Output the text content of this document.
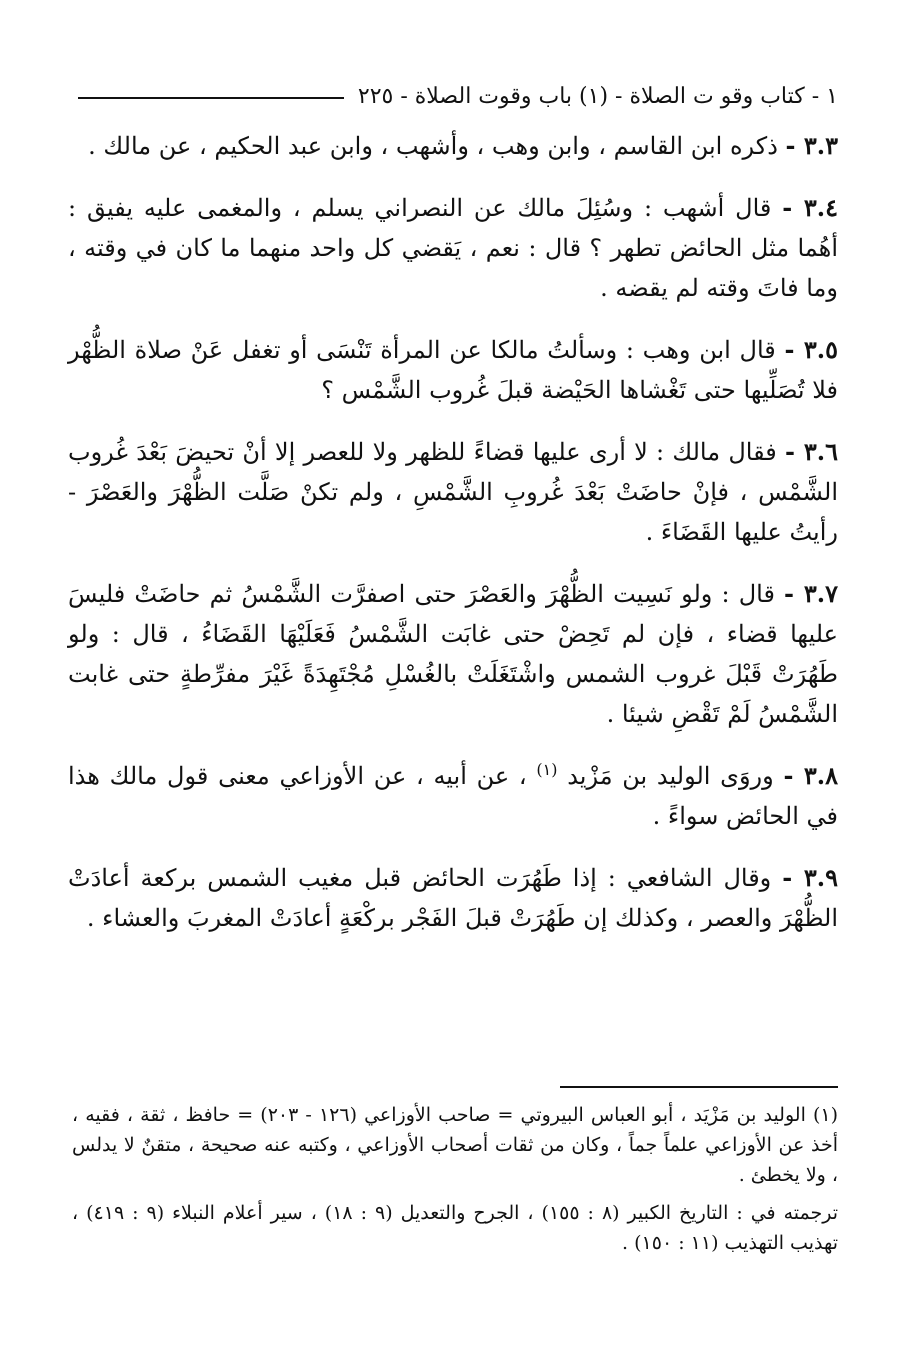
١ - كتاب وقو ت الصلاة - (١) باب وقوت الصلاة - ٢٢٥

٣.٣ - ذكره ابن القاسم ، وابن وهب ، وأشهب ، وابن عبد الحكيم ، عن مالك .

٣.٤ - قال أشهب : وسُئِلَ مالك عن النصراني يسلم ، والمغمى عليه يفيق : أهُما مثل الحائض تطهر ؟ قال : نعم ، يَقضي كل واحد منهما ما كان في وقته ، وما فاتَ وقته لم يقضه .

٣.٥ - قال ابن وهب : وسألتُ مالكا عن المرأة تَنْسَى أو تغفل عَنْ صلاة الظُّهْر فلا تُصَلِّيها حتى تَغْشاها الحَيْضة قبلَ غُروب الشَّمْس ؟

٣.٦ - فقال مالك : لا أرى عليها قضاءً للظهر ولا للعصر إلا أنْ تحيضَ بَعْدَ غُروب الشَّمْس ، فإنْ حاضَتْ بَعْدَ غُروبِ الشَّمْسِ ، ولم تكنْ صَلَّت الظُّهْرَ والعَصْرَ - رأيتُ عليها القَضَاءَ .

٣.٧ - قال : ولو نَسِيت الظُّهْرَ والعَصْرَ حتى اصفرَّت الشَّمْسُ ثم حاضَتْ فليسَ عليها قضاء ، فإن لم تَحِضْ حتى غابَت الشَّمْسُ فَعَلَيْهَا القَضَاءُ ، قال : ولو طَهُرَتْ قَبْلَ غروب الشمس واشْتَغَلَتْ بالغُسْلِ مُجْتَهِدَةً غَيْرَ مفرِّطةٍ حتى غابت الشَّمْسُ لَمْ تَقْضِ شيئا .

٣.٨ - وروَى الوليد بن مَزْيد $^{(١)}$ ، عن أبيه ، عن الأوزاعي معنى قول مالك هذا في الحائض سواءً .

٣.٩ - وقال الشافعي : إذا طَهُرَت الحائض قبل مغيب الشمس بركعة أعادَتْ الظُّهْرَ والعصر ، وكذلك إن طَهُرَتْ قبلَ الفَجْر بركْعَةٍ أعادَتْ المغربَ والعشاء .

(١) الوليد بن مَزْيَد ، أبو العباس البيروتي = صاحب الأوزاعي (١٢٦ - ٢٠٣) = حافظ ، ثقة ، فقيه ، أخذ عن الأوزاعي علماً جماً ، وكان من ثقات أصحاب الأوزاعي ، وكتبه عنه صحيحة ، متقنٌ لا يدلس ، ولا يخطئ .

ترجمته في : التاريخ الكبير (٨ : ١٥٥) ، الجرح والتعديل (٩ : ١٨) ، سير أعلام النبلاء (٩ : ٤١٩) ، تهذيب التهذيب (١١ : ١٥٠) .
